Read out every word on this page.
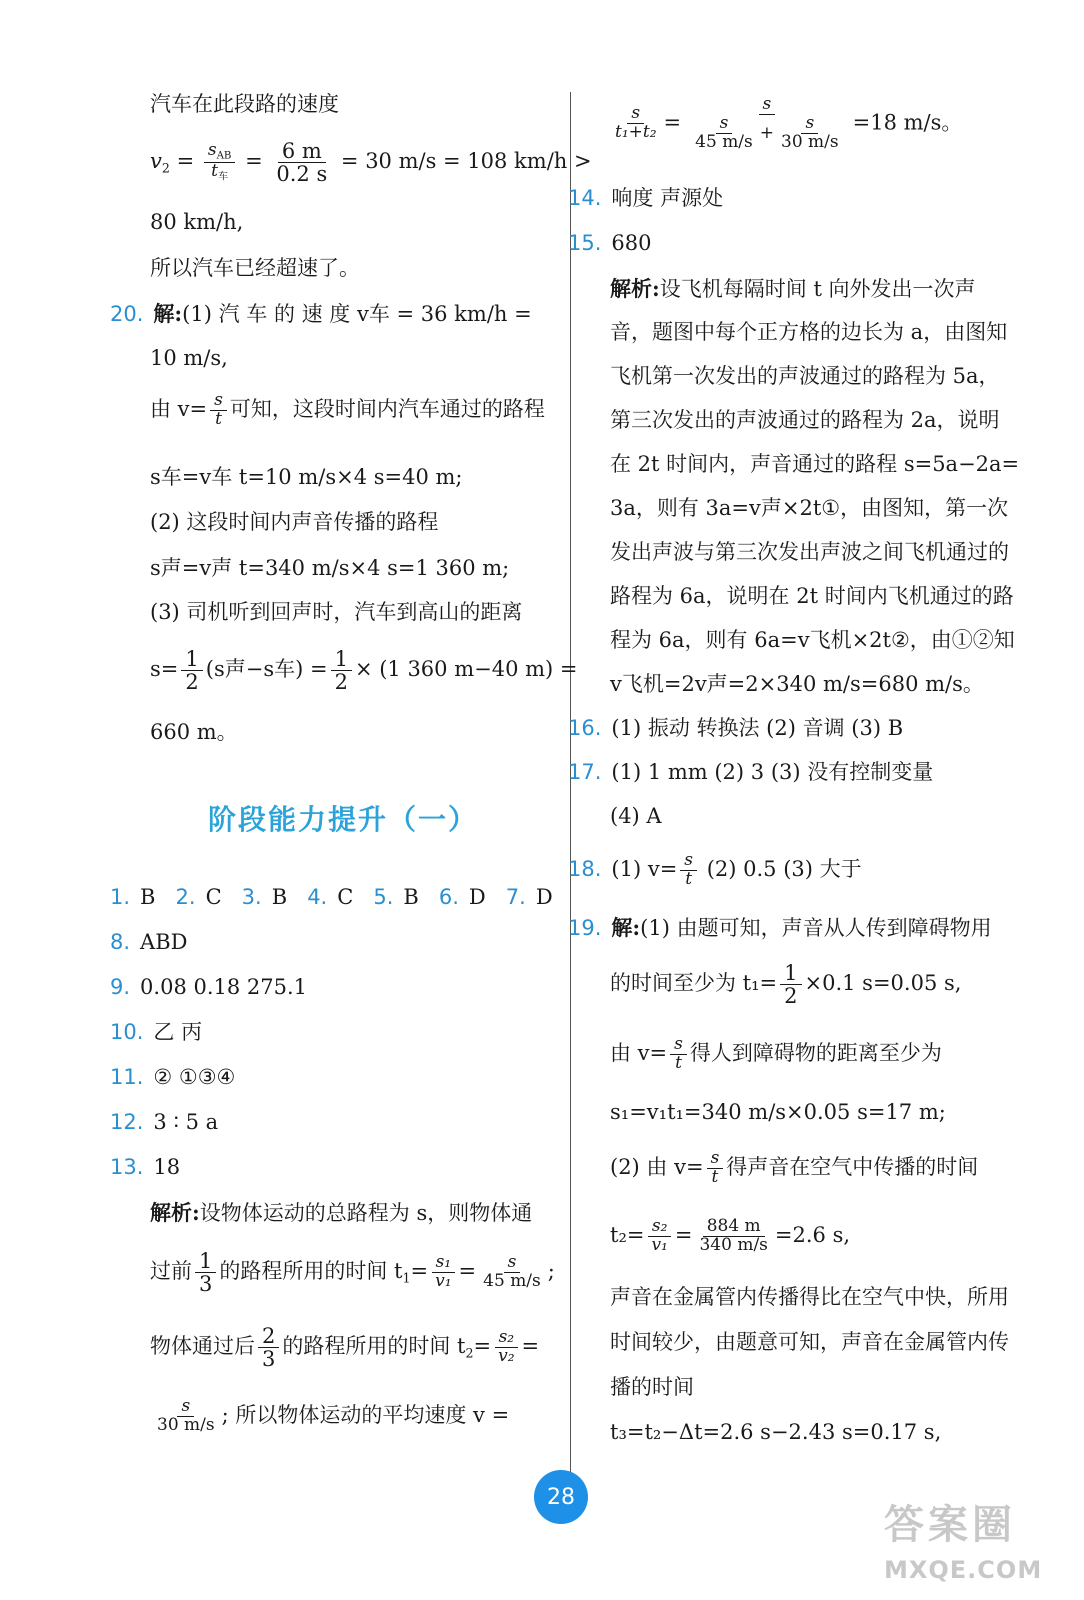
汽车在此段路的速度
$v_2 = \frac{s_{AB}}{t_车} = \frac{6 m}{0.2 s} = 30$ m/s = 108 km/h >
80 km/h,
所以汽车已经超速了。
20. 解:(1) 汽 车 的 速 度 v车 = 36 km/h =
10 m/s,
由 $v= \frac{s}{t}$ 可知，这段时间内汽车通过的路程
s车=v车 t=10 m/s×4 s=40 m;
(2) 这段时间内声音传播的路程
s声=v声 t=340 m/s×4 s=1 360 m;
(3) 司机听到回声时，汽车到高山的距离
$s= \frac{1}{2} (s$声−s车) = $\frac{1}{2} \times (1$ 360 m−40 m) =
660 m。
阶段能力提升（一）
1. B 2. C 3. B 4. C 5. B 6. D 7. D
8. ABD
9. 0.08 0.18 275.1
10. 乙 丙
11. ② ①③④
12. 3 ∶ 5 a
13. 18
解析:设物体运动的总路程为 s，则物体通
过前 $\frac{1}{3}$ 的路程所用的时间 $t_1= \frac{\text{s₁}}{\text{v₁}} = \frac{s}{45 m/s}$ ;
物体通过后 $\frac{2}{3}$ 的路程所用的时间 $t_2= \frac{\text{s₂}}{\text{v₂}}$ =
$\frac{s}{30 m/s}$ ; 所以物体运动的平均速度 v =
$\frac{s}{\text{t₁+t₂}} = \frac{s}{\frac{s}{45 m/s} + \frac{s}{30 m/s}} =18$ m/s。
14. 响度 声源处
15. 680
解析:设飞机每隔时间 t 向外发出一次声
音，题图中每个正方格的边长为 a，由图知
飞机第一次发出的声波通过的路程为 5a，
第三次发出的声波通过的路程为 2a，说明
在 2t 时间内，声音通过的路程 s=5a−2a=
3a，则有 3a=v声×2t①，由图知，第一次
发出声波与第三次发出声波之间飞机通过的
路程为 6a，说明在 2t 时间内飞机通过的路
程为 6a，则有 6a=v飞机×2t②，由①②知
v飞机=2v声=2×340 m/s=680 m/s。
16. (1) 振动 转换法 (2) 音调 (3) B
17. (1) 1 mm (2) 3 (3) 没有控制变量
(4) A
18. (1) $v= \frac{s}{t} (2)$ 0.5 (3) 大于
19. 解:(1) 由题可知，声音从人传到障碍物用
的时间至少为 $t_1= \frac{1}{2} \times 0.1$ s=0.05 s,
由 $v= \frac{s}{t}$ 得人到障碍物的距离至少为
s₁=v₁t₁=340 m/s×0.05 s=17 m;
(2) 由 $v= \frac{s}{t}$ 得声音在空气中传播的时间
$t_2= \frac{\text{s₂}}{\text{v₁}} = \frac{884 m}{340 m/s} =2.6$ s,
声音在金属管内传播得比在空气中快，所用
时间较少，由题意可知，声音在金属管内传
播的时间
t₃=t₂−Δt=2.6 s−2.43 s=0.17 s,
28
答案圈
MXQE.COM
